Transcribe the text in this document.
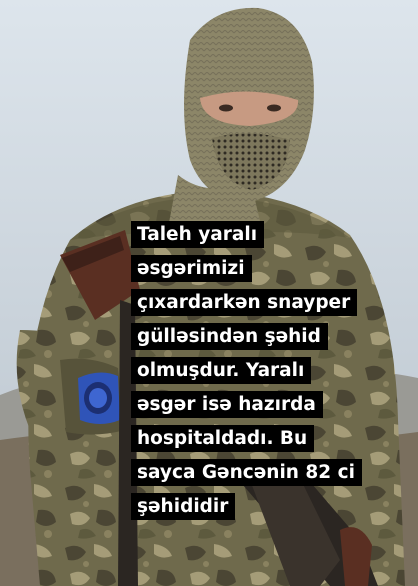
Taleh yaralı
əsgərimizi
çıxardarkən snayper
gülləsindən şəhid
olmuşdur. Yaralı
əsgər isə hazırda
hospitaldadı. Bu
sayca Gəncənin 82 ci
şəhididir
